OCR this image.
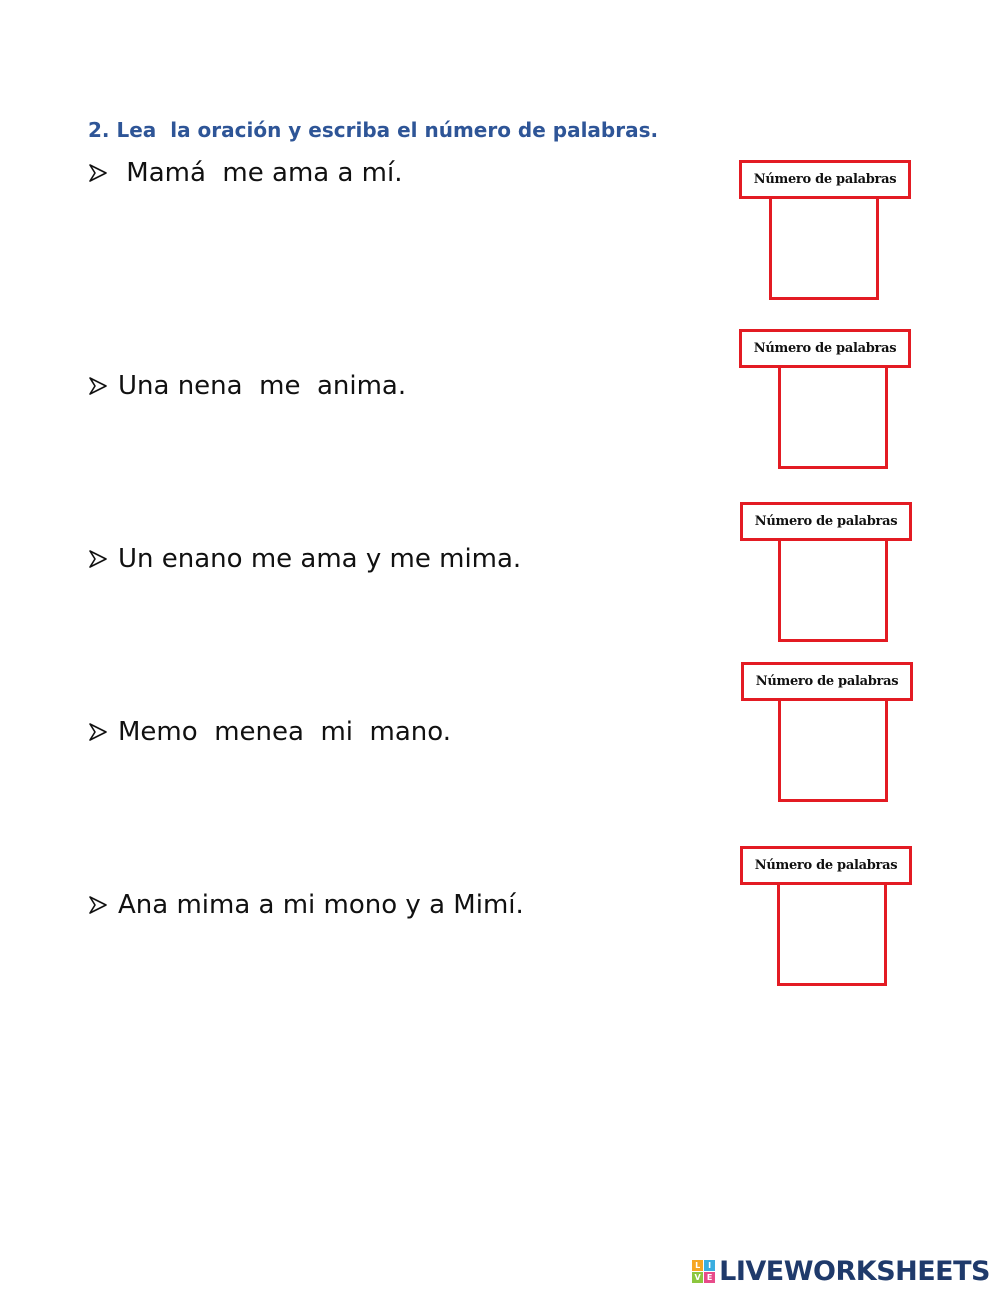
2. Lea  la oración y escriba el número de palabras.

Mamá  me ama a mí.	Número de palabras

Una nena  me  anima.
Número de palabras

Un enano me ama y me mima.
Número de palabras

Memo  menea  mi  mano.
Número de palabras

Ana mima a mi mono y a Mimí.
Número de palabras
L I
V E LIVEWORKSHEETS
